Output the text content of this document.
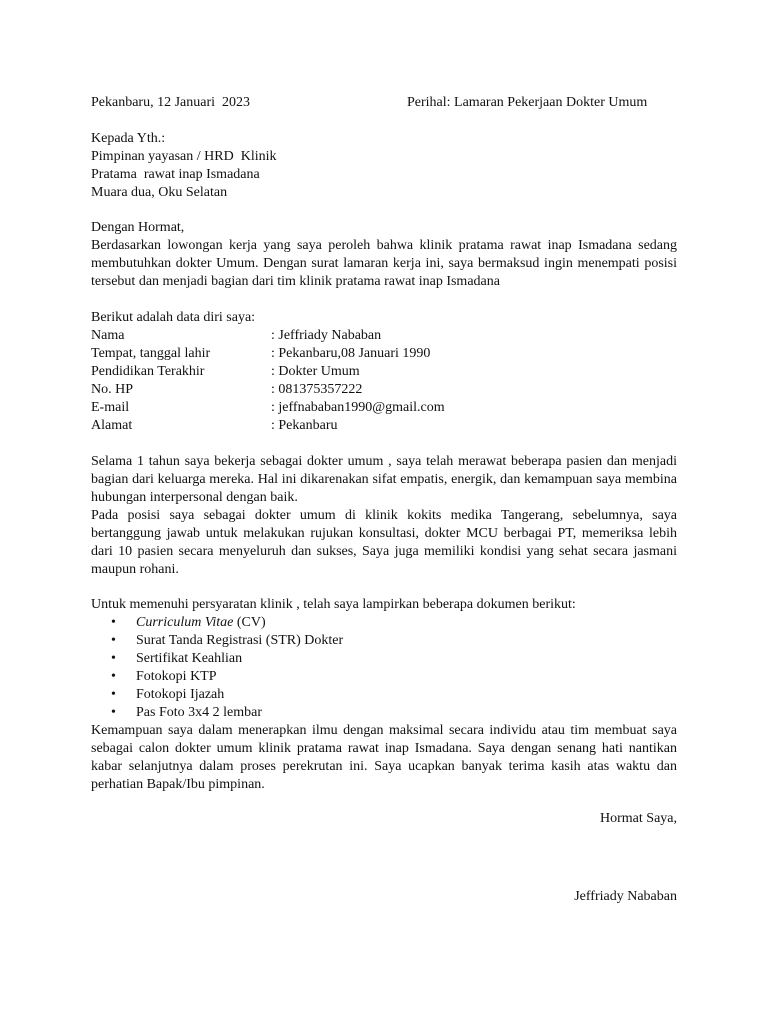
Pekanbaru, 12 Januari  2023	Perihal: Lamaran Pekerjaan Dokter Umum
Kepada Yth.:
Pimpinan yayasan / HRD  Klinik
Pratama  rawat inap Ismadana
Muara dua, Oku Selatan

Dengan Hormat,

Berdasarkan lowongan kerja yang saya peroleh bahwa klinik pratama rawat inap Ismadana sedang membutuhkan dokter Umum. Dengan surat lamaran kerja ini, saya bermaksud ingin menempati posisi tersebut dan menjadi bagian dari tim klinik pratama rawat inap Ismadana

Berikut adalah data diri saya:

Nama	: Jeffriady Nababan
Tempat, tanggal lahir	: Pekanbaru,08 Januari 1990
Pendidikan Terakhir	: Dokter Umum
No. HP	: 081375357222
E-mail	: jeffnababan1990@gmail.com
Alamat	: Pekanbaru

Selama 1 tahun saya bekerja sebagai dokter umum , saya telah merawat beberapa pasien dan menjadi bagian dari keluarga mereka. Hal ini dikarenakan sifat empatis, energik, dan kemampuan saya membina hubungan interpersonal dengan baik.

Pada posisi saya sebagai dokter umum di klinik kokits medika Tangerang, sebelumnya, saya bertanggung jawab untuk melakukan rujukan konsultasi, dokter MCU berbagai PT, memeriksa lebih dari 10 pasien secara menyeluruh dan sukses, Saya juga memiliki kondisi yang sehat secara jasmani maupun rohani.

Untuk memenuhi persyaratan klinik , telah saya lampirkan beberapa dokumen berikut:

• Curriculum Vitae (CV)
• Surat Tanda Registrasi (STR) Dokter
• Sertifikat Keahlian
• Fotokopi KTP
• Fotokopi Ijazah
• Pas Foto 3x4 2 lembar

Kemampuan saya dalam menerapkan ilmu dengan maksimal secara individu atau tim membuat saya sebagai calon dokter umum klinik pratama rawat inap Ismadana. Saya dengan senang hati nantikan kabar selanjutnya dalam proses perekrutan ini. Saya ucapkan banyak terima kasih atas waktu dan perhatian Bapak/Ibu pimpinan.

Hormat Saya,
Jeffriady Nababan
